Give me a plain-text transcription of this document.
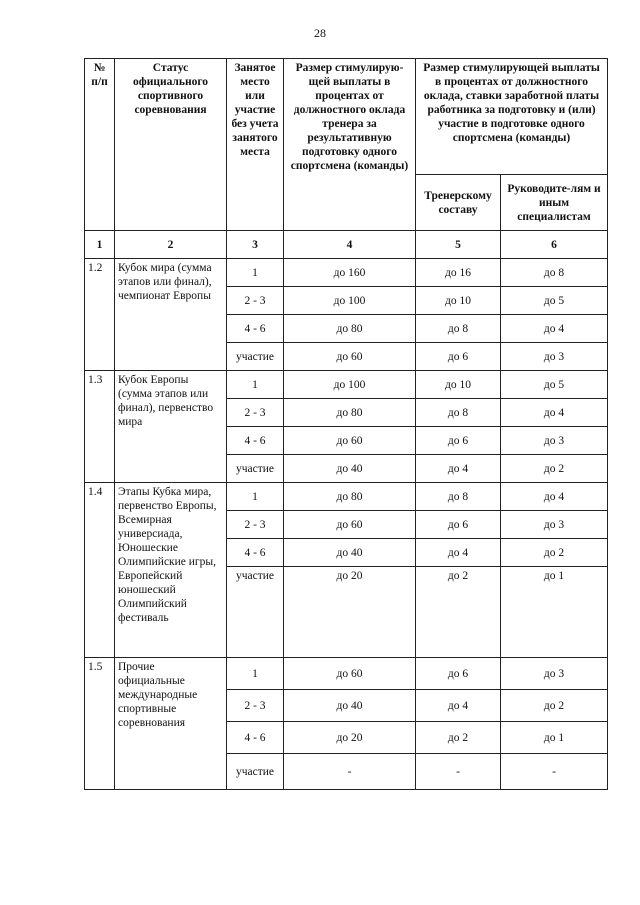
28
№ п/п	Статус официального спортивного соревнования	Занятое место или участие без учета занятого места	Размер стимулирую-щей выплаты в процентах от должностного оклада тренера за результативную подготовку одного спортсмена (команды)	Размер стимулирующей выплаты в процентах от должностного оклада, ставки заработной платы работника за подготовку и (или) участие в подготовке одного спортсмена (команды)	
				Тренерскому составу	Руководите-лям и иным специалистам
1	2	3	4	5	6
1.2	Кубок мира (сумма этапов или финал), чемпионат Европы	1	до 160	до 16	до 8
		2 - 3	до 100	до 10	до 5
		4 - 6	до 80	до 8	до 4
		участие	до 60	до 6	до 3
1.3	Кубок Европы (сумма этапов или финал), первенство мира	1	до 100	до 10	до 5
		2 - 3	до 80	до 8	до 4
		4 - 6	до 60	до 6	до 3
		участие	до 40	до 4	до 2
1.4	Этапы Кубка мира, первенство Европы, Всемирная универсиада, Юношеские Олимпийские игры, Европейский юношеский Олимпийский фестиваль	1	до 80	до 8	до 4
		2 - 3	до 60	до 6	до 3
		4 - 6	до 40	до 4	до 2
		участие	до 20	до 2	до 1
1.5	Прочие официальные международные спортивные соревнования	1	до 60	до 6	до 3
		2 - 3	до 40	до 4	до 2
		4 - 6	до 20	до 2	до 1
		участие	-	-	-
